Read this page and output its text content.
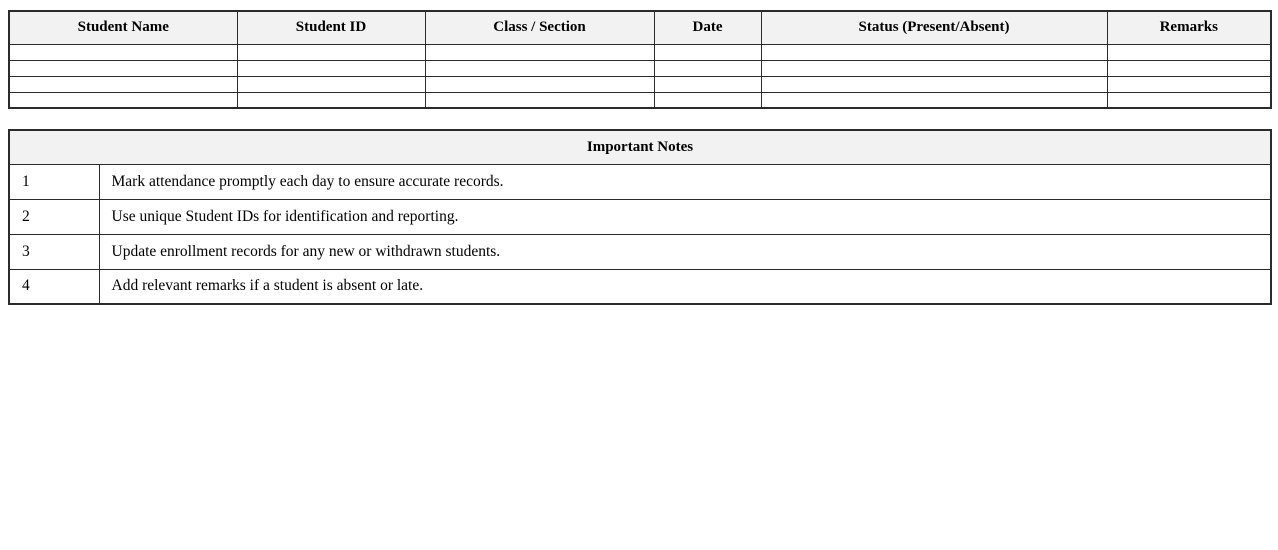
Student Name	Student ID	Class / Section	Date	Status (Present/Absent)	Remarks

Important Notes	
1	Mark attendance promptly each day to ensure accurate records.
2	Use unique Student IDs for identification and reporting.
3	Update enrollment records for any new or withdrawn students.
4	Add relevant remarks if a student is absent or late.
